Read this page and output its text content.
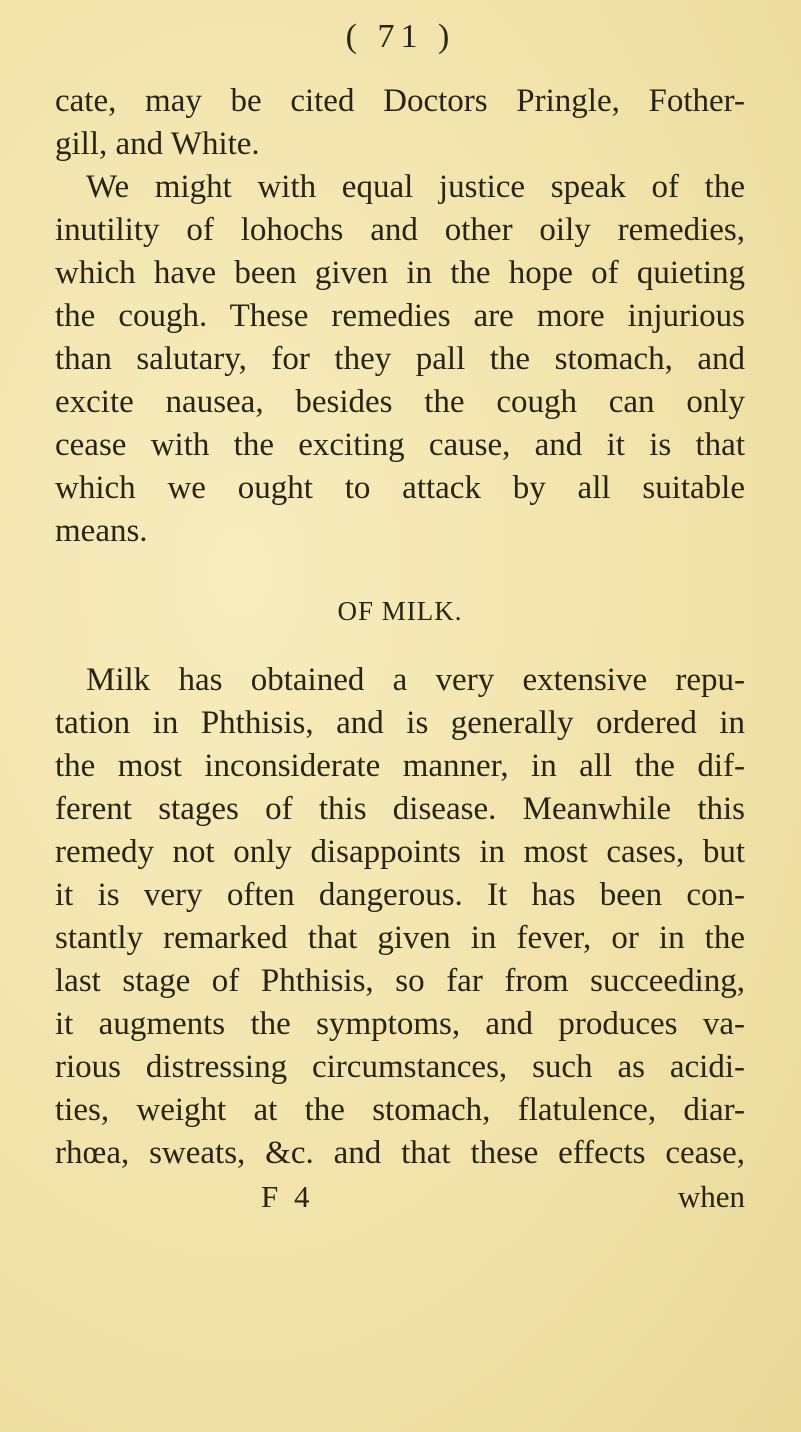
( 71 )
cate, may be cited Doctors Pringle, Fother-
gill, and White.
We might with equal justice speak of the
inutility of lohochs and other oily remedies,
which have been given in the hope of quieting
the cough. These remedies are more injurious
than salutary, for they pall the stomach, and
excite nausea, besides the cough can only
cease with the exciting cause, and it is that
which we ought to attack by all suitable
means.
OF MILK.
Milk has obtained a very extensive repu-
tation in Phthisis, and is generally ordered in
the most inconsiderate manner, in all the dif-
ferent stages of this disease. Meanwhile this
remedy not only disappoints in most cases, but
it is very often dangerous. It has been con-
stantly remarked that given in fever, or in the
last stage of Phthisis, so far from succeeding,
it augments the symptoms, and produces va-
rious distressing circumstances, such as acidi-
ties, weight at the stomach, flatulence, diar-
rhœa, sweats, &c. and that these effects cease,
F 4	when
